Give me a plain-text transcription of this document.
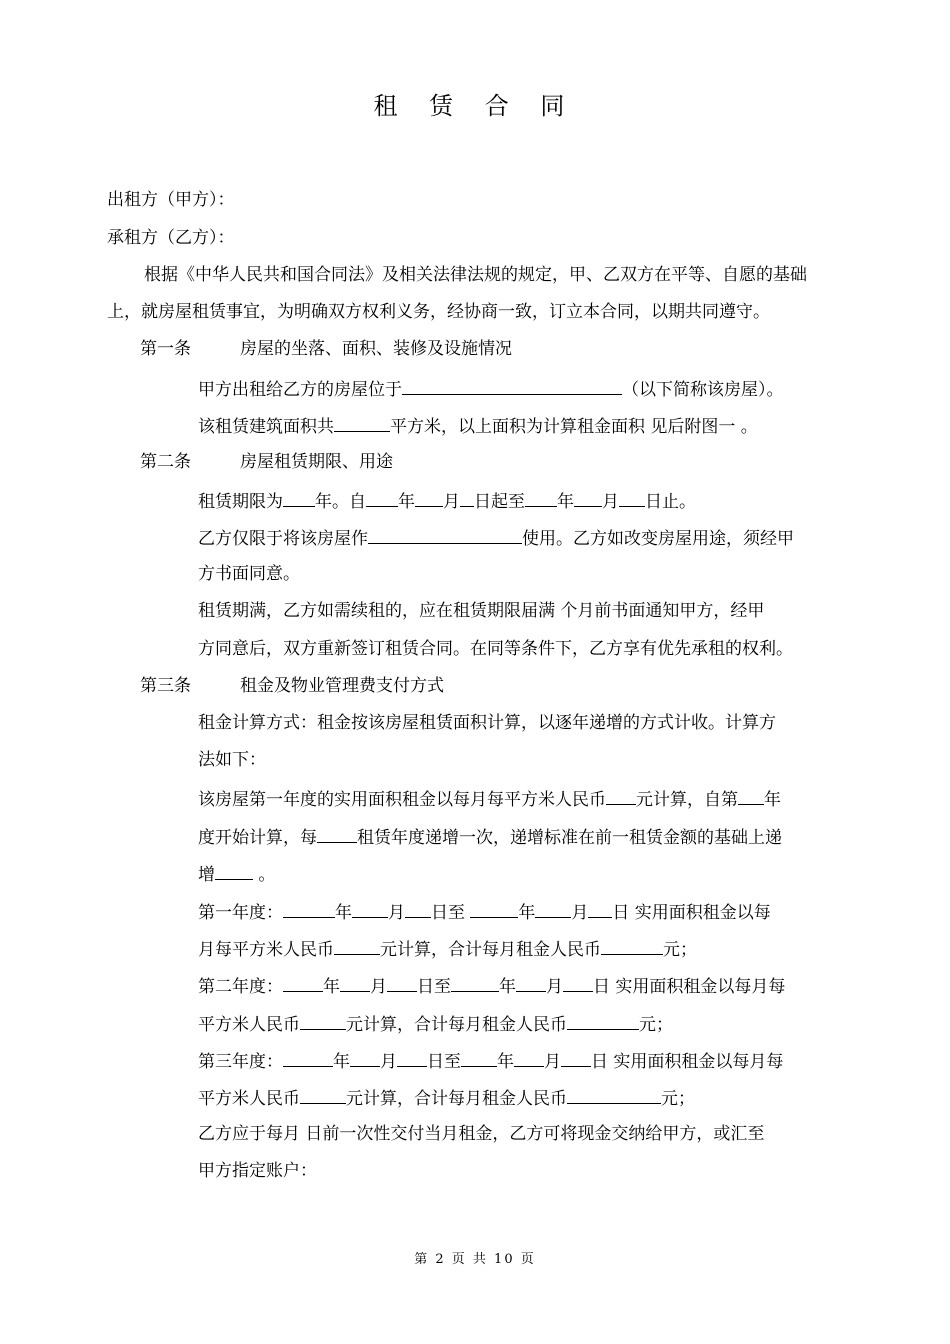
租 赁 合 同
出租方（甲方）：
承租方（乙方）：
根据《中华人民共和国合同法》及相关法律法规的规定，甲、乙双方在平等、自愿的基础
上，就房屋租赁事宜，为明确双方权利义务，经协商一致，订立本合同，以期共同遵守。
第一条	房屋的坐落、面积、装修及设施情况
甲方出租给乙方的房屋位于	（以下简称该房屋）。
该租赁建筑面积共	平方米，以上面积为计算租金面积 见后附图一 。
第二条	房屋租赁期限、用途
租赁期限为 年。自 年 月 日起至 年 月 日止。
乙方仅限于将该房屋作	使用。乙方如改变房屋用途，须经甲
方书面同意。
租赁期满，乙方如需续租的，应在租赁期限届满 个月前书面通知甲方，经甲
方同意后，双方重新签订租赁合同。在同等条件下，乙方享有优先承租的权利。
第三条	租金及物业管理费支付方式
租金计算方式：租金按该房屋租赁面积计算，以逐年递增的方式计收。计算方
法如下：
该房屋第一年度的实用面积租金以每月每平方米人民币 元计算，自第 年
度开始计算，每 租赁年度递增一次，递增标准在前一租赁金额的基础上递
增 。
第一年度：	年 月 日至	年 月 日 实用面积租金以每
月每平方米人民币	元计算，合计每月租金人民币	元；
第二年度： 年 月 日至	年 月 日 实用面积租金以每月每
平方米人民币	元计算，合计每月租金人民币	元；
第三年度：	年 月 日至 年 月 日 实用面积租金以每月每
平方米人民币	元计算，合计每月租金人民币	元；
乙方应于每月 日前一次性交付当月租金，乙方可将现金交纳给甲方，或汇至
甲方指定账户：
第 2 页 共 10 页
